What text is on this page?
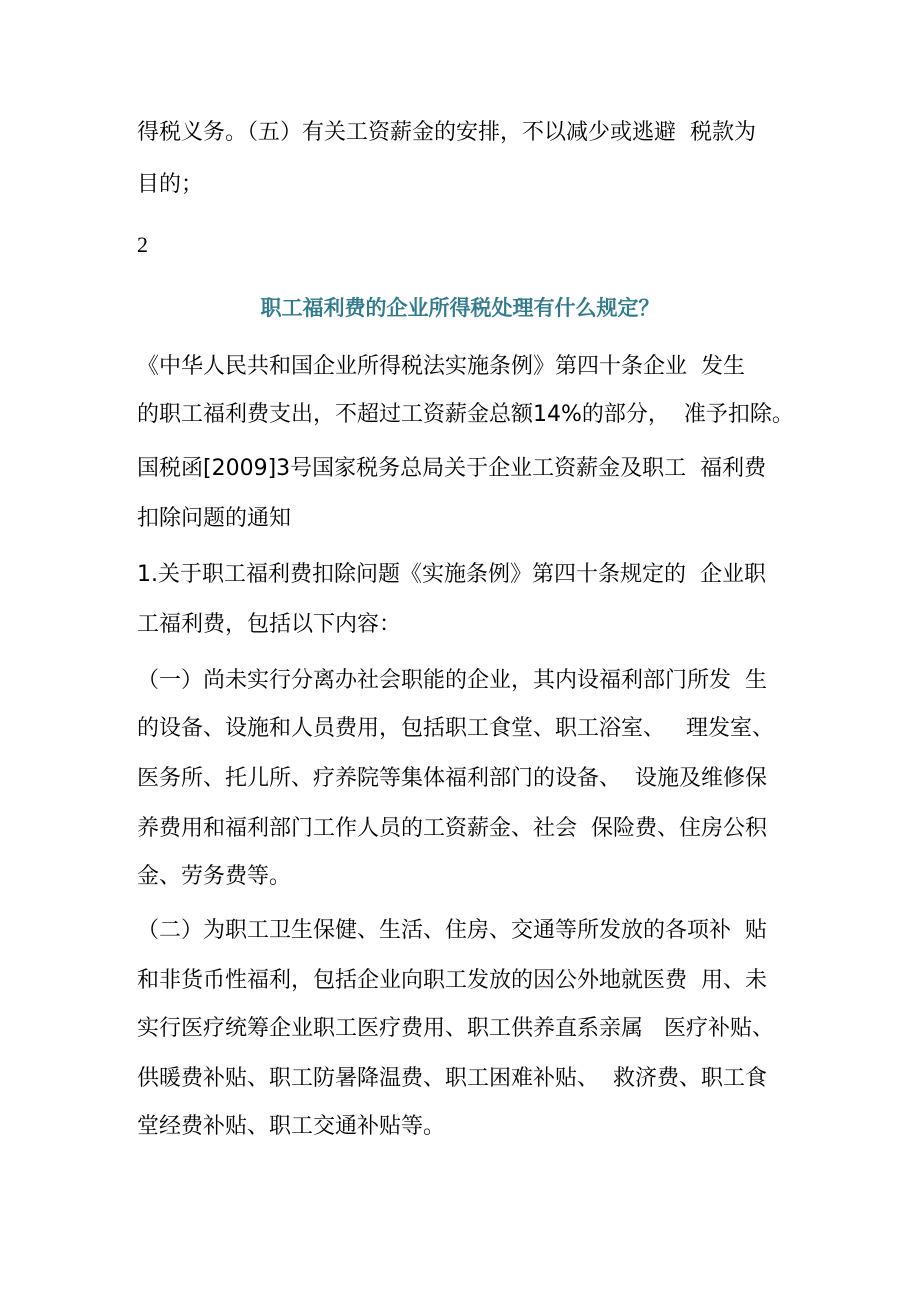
得税义务。（五）有关工资薪金的安排，不以减少或逃避  税款为
目的；
2
职工福利费的企业所得税处理有什么规定？
《中华人民共和国企业所得税法实施条例》第四十条企业  发生
的职工福利费支出，不超过工资薪金总额14%的部分，  准予扣除。
国税函[2009]3号国家税务总局关于企业工资薪金及职工  福利费
扣除问题的通知
1.关于职工福利费扣除问题《实施条例》第四十条规定的  企业职
工福利费，包括以下内容：
（一）尚未实行分离办社会职能的企业，其内设福利部门所发  生
的设备、设施和人员费用，包括职工食堂、职工浴室、   理发室、
医务所、托儿所、疗养院等集体福利部门的设备、  设施及维修保
养费用和福利部门工作人员的工资薪金、社会  保险费、住房公积
金、劳务费等。
（二）为职工卫生保健、生活、住房、交通等所发放的各项补  贴
和非货币性福利，包括企业向职工发放的因公外地就医费  用、未
实行医疗统筹企业职工医疗费用、职工供养直系亲属   医疗补贴、
供暖费补贴、职工防暑降温费、职工困难补贴、  救济费、职工食
堂经费补贴、职工交通补贴等。
